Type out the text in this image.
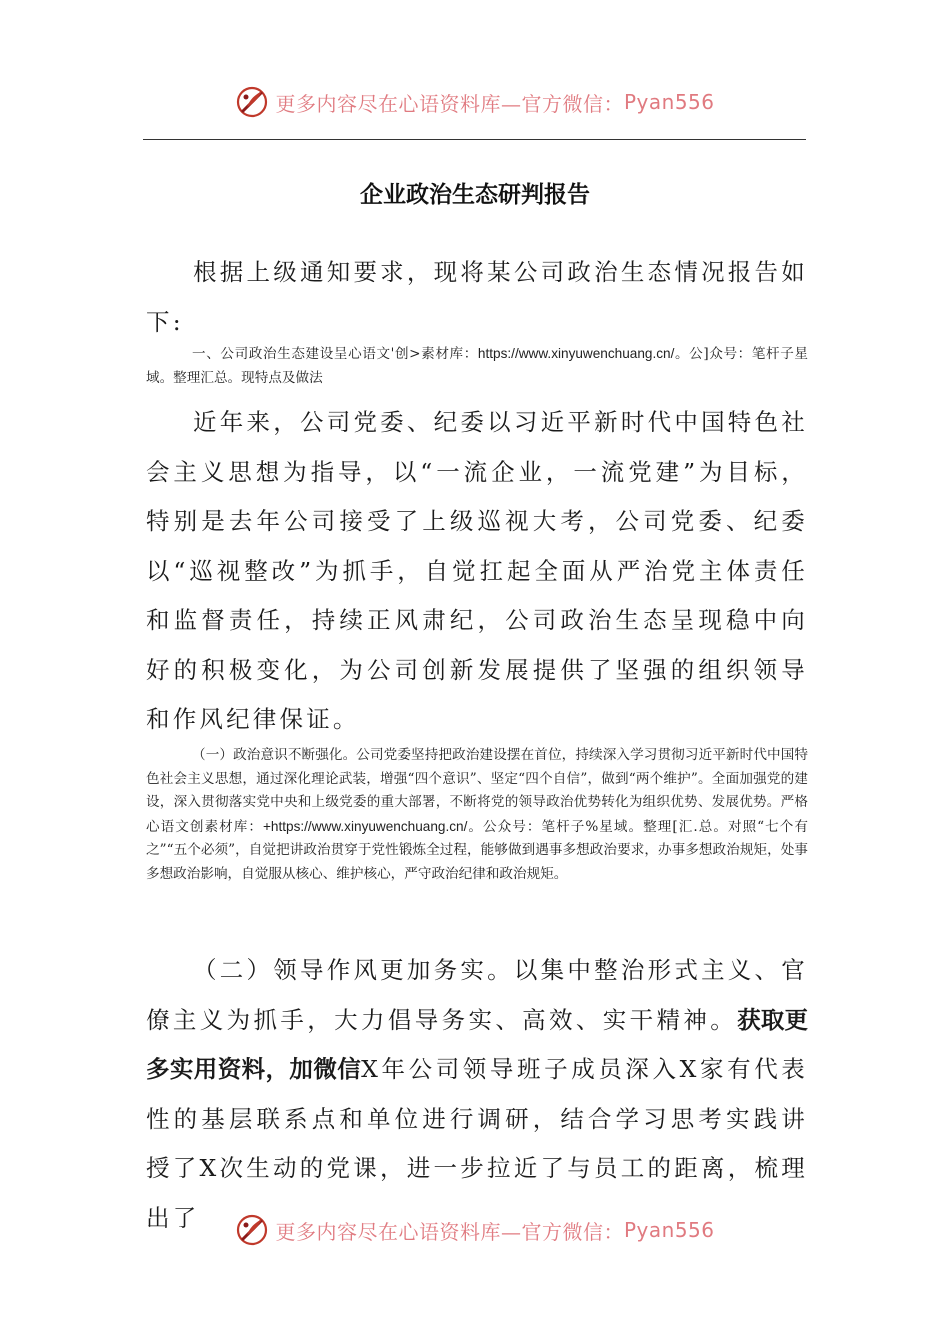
更多内容尽在心语资料库—官方微信： Pyan556
企业政治生态研判报告

根据上级通知要求，现将某公司政治生态情况报告如下:

一、公司政治生态建设呈心语文'创>素材库：https://www.xinyuwenchuang.cn/。公]众号：笔杆子星域。整理汇总。现特点及做法

近年来，公司党委、纪委以习近平新时代中国特色社会主义思想为指导，以“一流企业，一流党建”为目标，特别是去年公司接受了上级巡视大考，公司党委、纪委以“巡视整改”为抓手，自觉扛起全面从严治党主体责任和监督责任，持续正风肃纪，公司政治生态呈现稳中向好的积极变化，为公司创新发展提供了坚强的组织领导和作风纪律保证。

（一）政治意识不断强化。公司党委坚持把政治建设摆在首位，持续深入学习贯彻习近平新时代中国特色社会主义思想，通过深化理论武装，增强“四个意识”、坚定“四个自信”，做到“两个维护”。全面加强党的建设，深入贯彻落实党中央和上级党委的重大部署，不断将党的领导政治优势转化为组织优势、发展优势。严格心语文创素材库：+https://www.xinyuwenchuang.cn/。公众号：笔杆子%星域。整理[汇.总。对照“七个有之”“五个必须”，自觉把讲政治贯穿于党性锻炼全过程，能够做到遇事多想政治要求，办事多想政治规矩，处事多想政治影响，自觉服从核心、维护核心，严守政治纪律和政治规矩。

（二）领导作风更加务实。以集中整治形式主义、官僚主义为抓手，大力倡导务实、高效、实干精神。获取更多实用资料，加微信X年公司领导班子成员深入X家有代表性的基层联系点和单位进行调研，结合学习思考实践讲授了X次生动的党课，进一步拉近了与员工的距离，梳理出了	更多内容尽在心语资料库—官方微信： Pyan556
